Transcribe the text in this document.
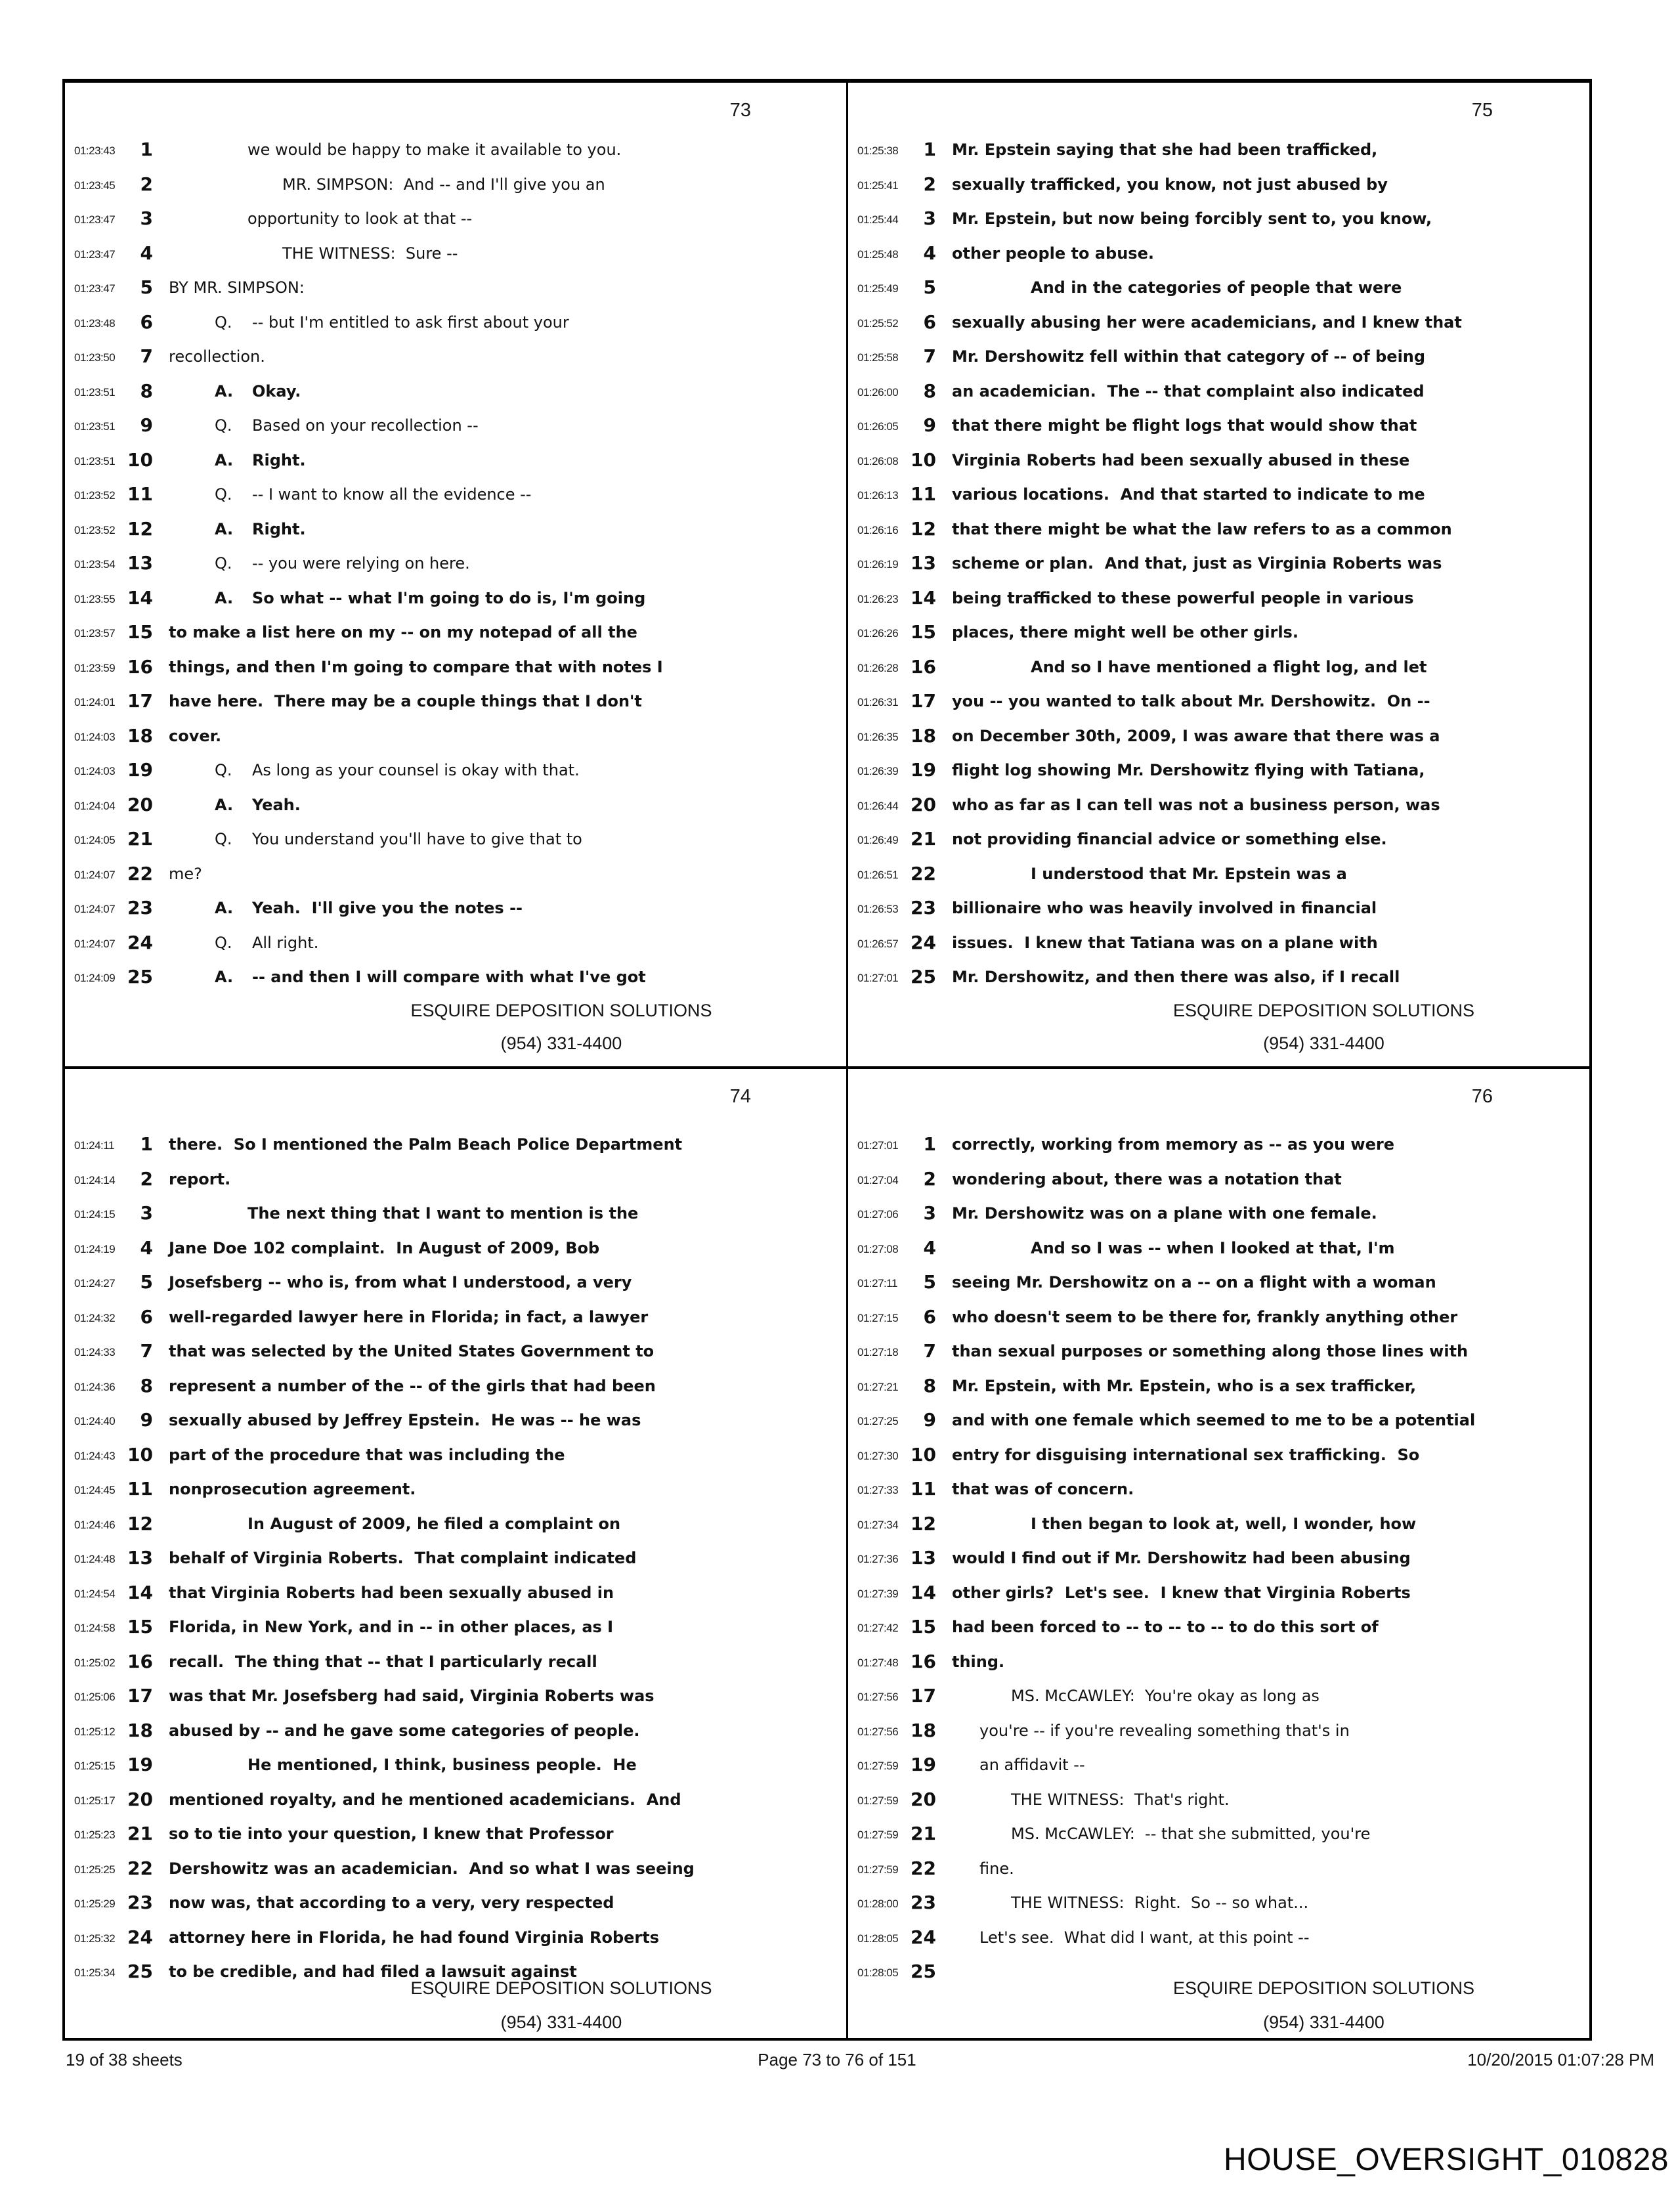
73
01:23:43	1	we would be happy to make it available to you.
01:23:45	2	MR. SIMPSON:  And -- and I'll give you an
01:23:47	3	opportunity to look at that --
01:23:47	4	THE WITNESS:  Sure --
01:23:47	5 BY MR. SIMPSON:
01:23:48	6	Q. -- but I'm entitled to ask first about your
01:23:50	7 recollection.
01:23:51	8	A. Okay.
01:23:51	9	Q. Based on your recollection --
01:23:51 10	A. Right.
01:23:52 11	Q. -- I want to know all the evidence --
01:23:52 12	A. Right.
01:23:54 13	Q. -- you were relying on here.
01:23:55 14	A. So what -- what I'm going to do is, I'm going
01:23:57 15 to make a list here on my -- on my notepad of all the
01:23:59 16 things, and then I'm going to compare that with notes I
01:24:01 17 have here.  There may be a couple things that I don't
01:24:03 18 cover.
01:24:03 19	Q. As long as your counsel is okay with that.
01:24:04 20	A. Yeah.
01:24:05 21	Q. You understand you'll have to give that to
01:24:07 22 me?
01:24:07 23	A. Yeah.  I'll give you the notes --
01:24:07 24	Q. All right.
01:24:09 25	A. -- and then I will compare with what I've got
ESQUIRE DEPOSITION SOLUTIONS
(954) 331-4400
75
01:25:38	1 Mr. Epstein saying that she had been trafficked,
01:25:41	2 sexually trafficked, you know, not just abused by
01:25:44	3 Mr. Epstein, but now being forcibly sent to, you know,
01:25:48	4 other people to abuse.
01:25:49	5	And in the categories of people that were
01:25:52	6 sexually abusing her were academicians, and I knew that
01:25:58	7 Mr. Dershowitz fell within that category of -- of being
01:26:00	8 an academician.  The -- that complaint also indicated
01:26:05	9 that there might be flight logs that would show that
01:26:08 10 Virginia Roberts had been sexually abused in these
01:26:13 11 various locations.  And that started to indicate to me
01:26:16 12 that there might be what the law refers to as a common
01:26:19 13 scheme or plan.  And that, just as Virginia Roberts was
01:26:23 14 being trafficked to these powerful people in various
01:26:26 15 places, there might well be other girls.
01:26:28 16	And so I have mentioned a flight log, and let
01:26:31 17 you -- you wanted to talk about Mr. Dershowitz.  On --
01:26:35 18 on December 30th, 2009, I was aware that there was a
01:26:39 19 flight log showing Mr. Dershowitz flying with Tatiana,
01:26:44 20 who as far as I can tell was not a business person, was
01:26:49 21 not providing financial advice or something else.
01:26:51 22	I understood that Mr. Epstein was a
01:26:53 23 billionaire who was heavily involved in financial
01:26:57 24 issues.  I knew that Tatiana was on a plane with
01:27:01 25 Mr. Dershowitz, and then there was also, if I recall
ESQUIRE DEPOSITION SOLUTIONS
(954) 331-4400
74
01:24:11	1 there.  So I mentioned the Palm Beach Police Department
01:24:14	2 report.
01:24:15	3	The next thing that I want to mention is the
01:24:19	4 Jane Doe 102 complaint.  In August of 2009, Bob
01:24:27	5 Josefsberg -- who is, from what I understood, a very
01:24:32	6 well-regarded lawyer here in Florida; in fact, a lawyer
01:24:33	7 that was selected by the United States Government to
01:24:36	8 represent a number of the -- of the girls that had been
01:24:40	9 sexually abused by Jeffrey Epstein.  He was -- he was
01:24:43 10 part of the procedure that was including the
01:24:45 11 nonprosecution agreement.
01:24:46 12	In August of 2009, he filed a complaint on
01:24:48 13 behalf of Virginia Roberts.  That complaint indicated
01:24:54 14 that Virginia Roberts had been sexually abused in
01:24:58 15 Florida, in New York, and in -- in other places, as I
01:25:02 16 recall.  The thing that -- that I particularly recall
01:25:06 17 was that Mr. Josefsberg had said, Virginia Roberts was
01:25:12 18 abused by -- and he gave some categories of people.
01:25:15 19	He mentioned, I think, business people.  He
01:25:17 20 mentioned royalty, and he mentioned academicians.  And
01:25:23 21 so to tie into your question, I knew that Professor
01:25:25 22 Dershowitz was an academician.  And so what I was seeing
01:25:29 23 now was, that according to a very, very respected
01:25:32 24 attorney here in Florida, he had found Virginia Roberts
01:25:34 25 to be credible, and had filed a lawsuit against
ESQUIRE DEPOSITION SOLUTIONS
(954) 331-4400
76
01:27:01	1 correctly, working from memory as -- as you were
01:27:04	2 wondering about, there was a notation that
01:27:06	3 Mr. Dershowitz was on a plane with one female.
01:27:08	4	And so I was -- when I looked at that, I'm
01:27:11	5 seeing Mr. Dershowitz on a -- on a flight with a woman
01:27:15	6 who doesn't seem to be there for, frankly anything other
01:27:18	7 than sexual purposes or something along those lines with
01:27:21	8 Mr. Epstein, with Mr. Epstein, who is a sex trafficker,
01:27:25	9 and with one female which seemed to me to be a potential
01:27:30 10 entry for disguising international sex trafficking.  So
01:27:33 11 that was of concern.
01:27:34 12	I then began to look at, well, I wonder, how
01:27:36 13 would I find out if Mr. Dershowitz had been abusing
01:27:39 14 other girls?  Let's see.  I knew that Virginia Roberts
01:27:42 15 had been forced to -- to -- to -- to do this sort of
01:27:48 16 thing.
01:27:56 17	MS. McCAWLEY:  You're okay as long as
01:27:56 18	you're -- if you're revealing something that's in
01:27:59 19	an affidavit --
01:27:59 20	THE WITNESS:  That's right.
01:27:59 21	MS. McCAWLEY:  -- that she submitted, you're
01:27:59 22	fine.
01:28:00 23	THE WITNESS:  Right.  So -- so what...
01:28:05 24	Let's see.  What did I want, at this point --
01:28:05 25
ESQUIRE DEPOSITION SOLUTIONS
(954) 331-4400
19 of 38 sheets	Page 73 to 76 of 151	10/20/2015 01:07:28 PM
HOUSE_OVERSIGHT_010828
